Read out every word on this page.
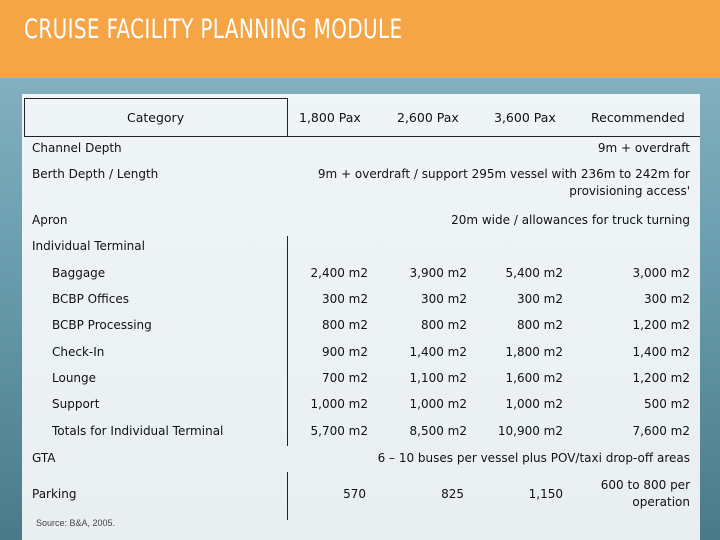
CRUISE FACILITY PLANNING MODULE
Category	1,800 Pax	2,600 Pax	3,600 Pax	Recommended
Channel Depth	9m + overdraft
Berth Depth / Length	9m + overdraft / support 295m vessel with 236m to 242m for
provisioning access'
Apron	20m wide / allowances for truck turning
Individual Terminal
Baggage	2,400 m2	3,900 m2	5,400 m2	3,000 m2
BCBP Offices	300 m2	300 m2	300 m2	300 m2
BCBP Processing	800 m2	800 m2	800 m2	1,200 m2
Check-In	900 m2	1,400 m2	1,800 m2	1,400 m2
Lounge	700 m2	1,100 m2	1,600 m2	1,200 m2
Support	1,000 m2	1,000 m2	1,000 m2	500 m2
Totals for Individual Terminal	5,700 m2	8,500 m2	10,900 m2	7,600 m2
GTA	6 – 10 buses per vessel plus POV/taxi drop-off areas
Parking	570	825	1,150
600 to 800 per
operation
Source: B&A, 2005.
